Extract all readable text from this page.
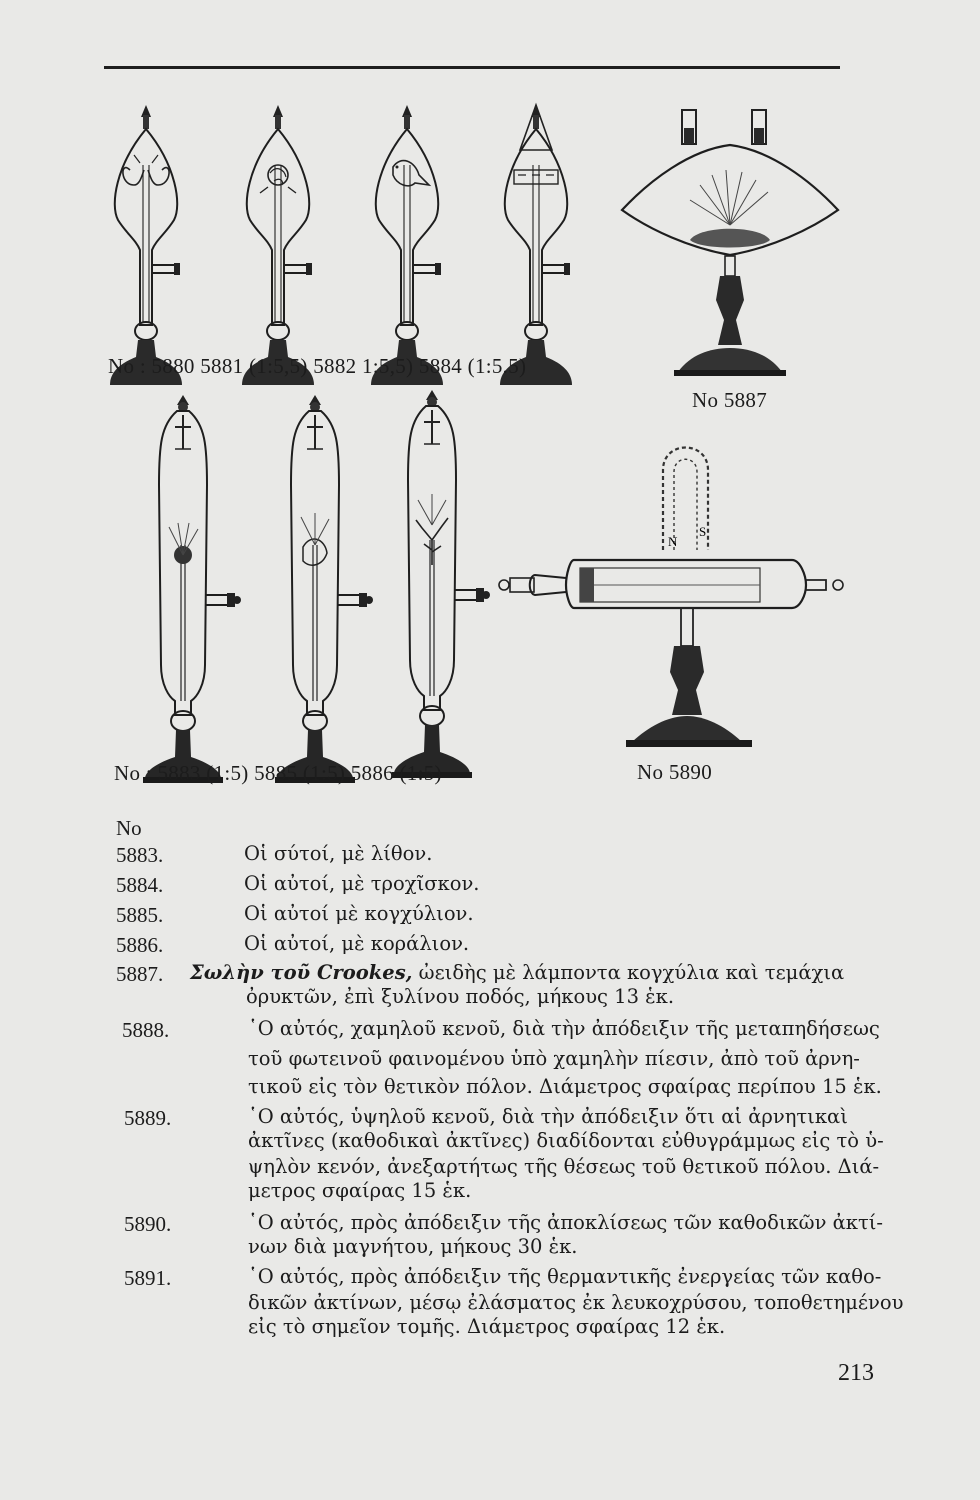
N
S
No : 5880 5881 (1:5,5) 5882 1:5,5) 5884 (1:5.5)
No 5887
No : 5883 (1:5) 5885 (1:5) 5886 (1:5)	No 5890
No
5883.	Οἱ σύτοί, μὲ λίθον.
5884.	Οἱ αὐτοί, μὲ τροχῖσκον.
5885.	Οἱ αὐτοί μὲ κογχύλιον.
5886.	Οἱ αὐτοί, μὲ κοράλιον.
5887. Σωλὴν τοῦ Crookes, ὠειδὴς μὲ λάμποντα κογχύλια καὶ τεμάχια
ὀρυκτῶν, ἐπὶ ξυλίνου ποδός, μήκους 13 ἑκ.
5888.	῾Ο αὐτός, χαμηλοῦ κενοῦ, διὰ τὴν ἀπόδειξιν τῆς μεταπηδήσεως
τοῦ φωτεινοῦ φαινομένου ὑπὸ χαμηλὴν πίεσιν, ἀπὸ τοῦ ἀρνη-
τικοῦ εἰς τὸν θετικὸν πόλον. Διάμετρος σφαίρας περίπου 15 ἑκ.
5889.	῾Ο αὐτός, ὑψηλοῦ κενοῦ, διὰ τὴν ἀπόδειξιν ὅτι αἱ ἀρνητικαὶ
ἀκτῖνες (καθοδικαὶ ἀκτῖνες) διαδίδονται εὐθυγράμμως εἰς τὸ ὑ-
ψηλὸν κενόν, ἀνεξαρτήτως τῆς θέσεως τοῦ θετικοῦ πόλου. Διά-
μετρος σφαίρας 15 ἑκ.
5890.	῾Ο αὐτός, πρὸς ἀπόδειξιν τῆς ἀποκλίσεως τῶν καθοδικῶν ἀκτί-
νων διὰ μαγνήτου, μήκους 30 ἑκ.
5891.	῾Ο αὐτός, πρὸς ἀπόδειξιν τῆς θερμαντικῆς ἐνεργείας τῶν καθο-
δικῶν ἀκτίνων, μέσῳ ἐλάσματος ἐκ λευκοχρύσου, τοποθετημένου
εἰς τὸ σημεῖον τομῆς. Διάμετρος σφαίρας 12 ἑκ.
213
